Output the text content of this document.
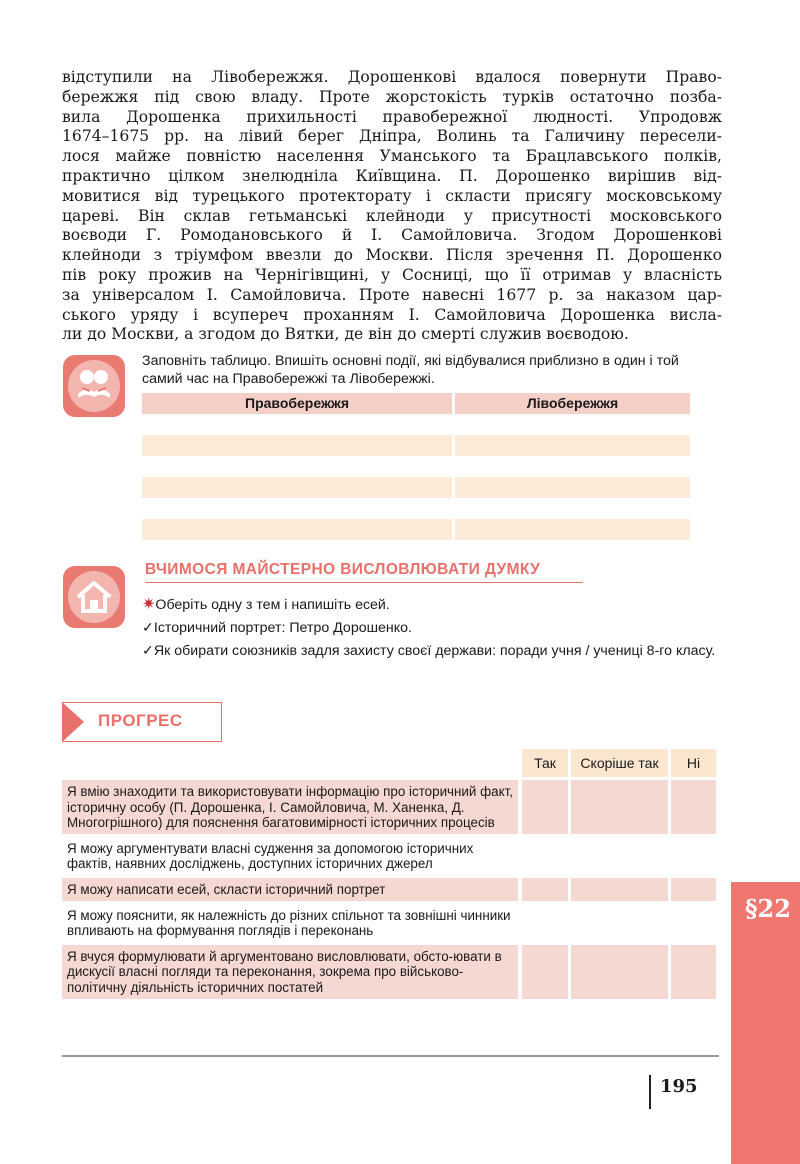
відступили на Лівобережжя. Дорошенкові вдалося повернути Право-
бережжя під свою владу. Проте жорстокість турків остаточно позба-
вила Дорошенка прихильності правобережної людності. Упродовж
1674–1675 рр. на лівий берег Дніпра, Волинь та Галичину пересели-
лося майже повністю населення Уманського та Брацлавського полків,
практично цілком знелюдніла Київщина. П. Дорошенко вирішив від-
мовитися від турецького протекторату і скласти присягу московському
цареві. Він склав гетьманські клейноди у присутності московського
воєводи Г. Ромодановського й І. Самойловича. Згодом Дорошенкові
клейноди з тріумфом ввезли до Москви. Після зречення П. Дорошенко
пів року прожив на Чернігівщині, у Сосниці, що її отримав у власність
за універсалом І. Самойловича. Проте навесні 1677 р. за наказом цар-
ського уряду і всупереч проханням І. Самойловича Дорошенка висла-
ли до Москви, а згодом до Вятки, де він до смерті служив воєводою.
Заповніть таблицю. Впишіть основні події, які відбувалися приблизно в один і той самий час на Правобережжі та Лівобережжі.
Правобережжя	Лівобережжя
ВЧИМОСЯ МАЙСТЕРНО ВИСЛОВЛЮВАТИ ДУМКУ
✷Оберіть одну з тем і напишіть есей.
✓Історичний портрет: Петро Дорошенко.
✓Як обирати союзників задля захисту своєї держави: поради учня / учениці 8-го класу.
ПРОГРЕС
Так	Скоріше так	Ні
Я вмію знаходити та використовувати інформацію про історичний факт, історичну особу (П. Дорошенка, І. Самойловича, М. Ханенка, Д. Многогрішного) для пояснення багатовимірності історичних процесів
Я можу аргументувати власні судження за допомогою історичних фактів, наявних досліджень, доступних історичних джерел
Я можу написати есей, скласти історичний портрет
Я можу пояснити, як належність до різних спільнот та зовнішні чинники впливають на формування поглядів і переконань
Я вчуся формулювати й аргументовано висловлювати, обсто-ювати в дискусії власні погляди та переконання, зокрема про військово-політичну діяльність історичних постатей
195
§22
